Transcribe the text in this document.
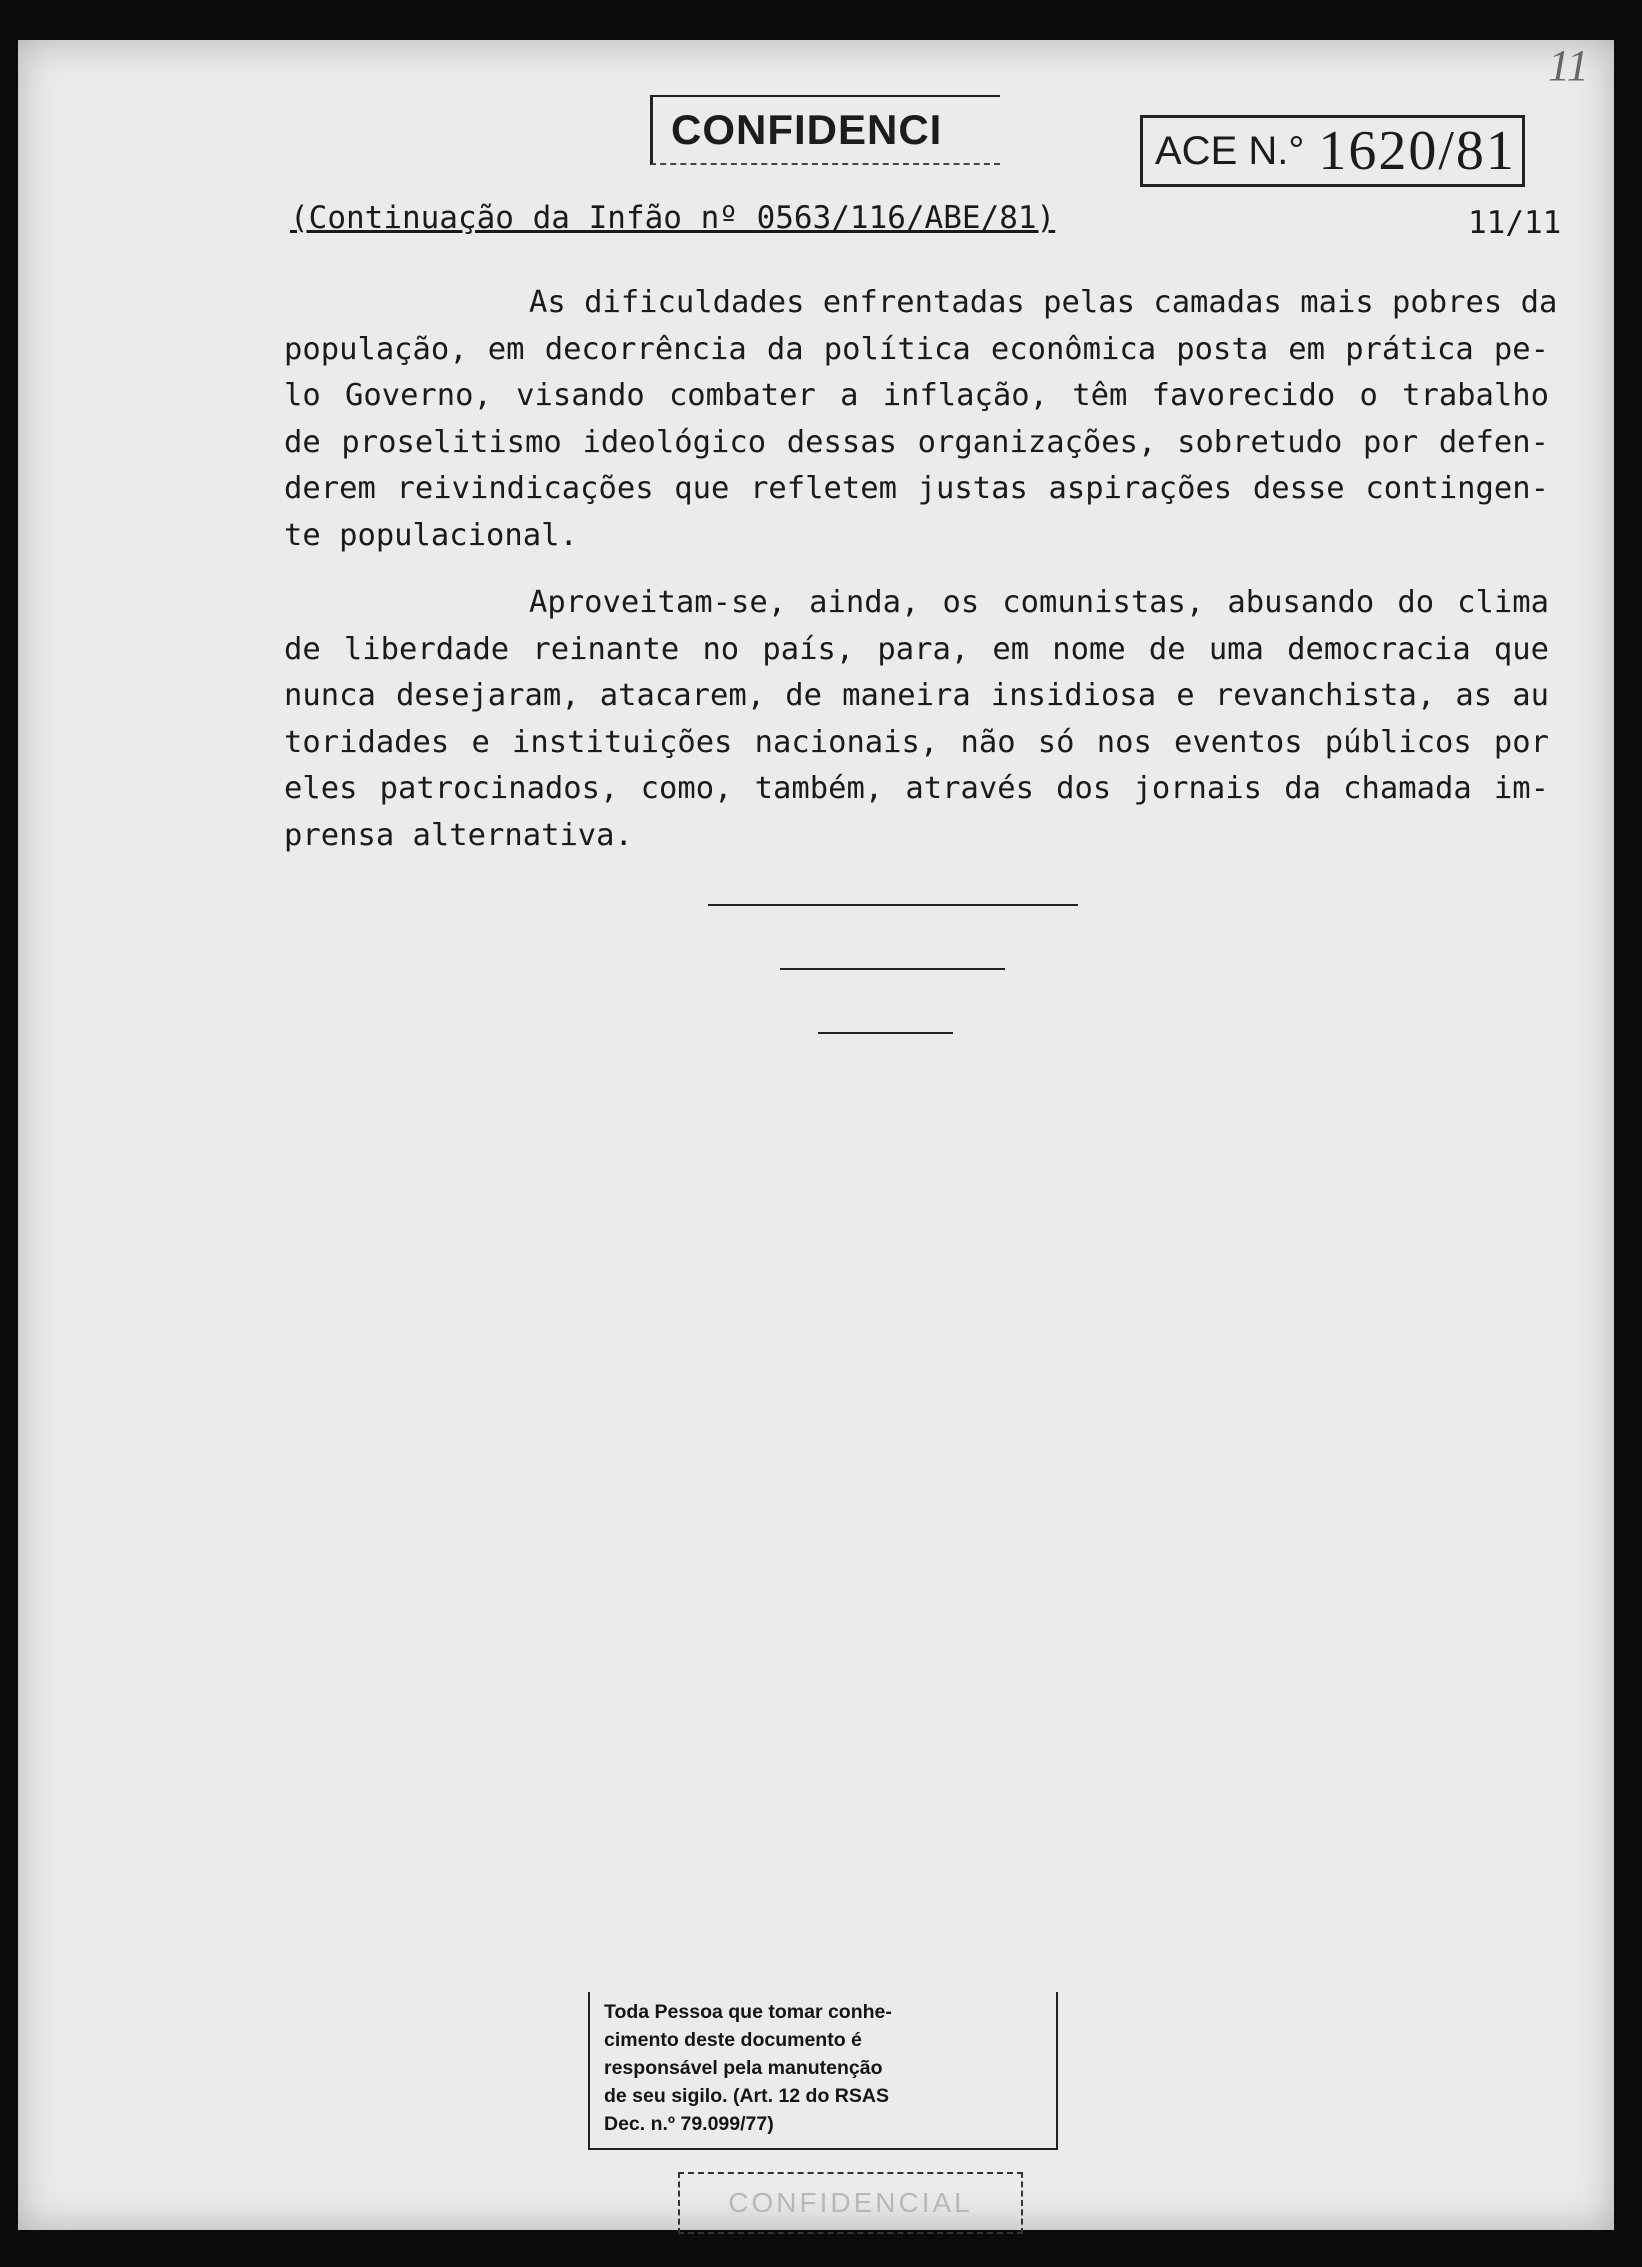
CONFIDENCI	ACE N.° 1620/81
11
(Continuação da Infão nº 0563/116/ABE/81)	11/11
As dificuldades enfrentadas pelas camadas mais pobres da
população, em decorrência da política econômica posta em prática pe-
lo Governo, visando combater a inflação, têm favorecido o trabalho
de proselitismo ideológico dessas organizações, sobretudo por defen-
derem reivindicações que refletem justas aspirações desse contingen-
te populacional.
Aproveitam-se, ainda, os comunistas, abusando do clima
de liberdade reinante no país, para, em nome de uma democracia que
nunca desejaram, atacarem, de maneira insidiosa e revanchista, as au
toridades e instituições nacionais, não só nos eventos públicos por
eles patrocinados, como, também, através dos jornais da chamada im-
prensa alternativa.
Toda Pessoa que tomar conhe-
cimento deste documento é
responsável pela manutenção
de seu sigilo. (Art. 12 do RSAS
Dec. n.º 79.099/77)
CONFIDENCIAL
